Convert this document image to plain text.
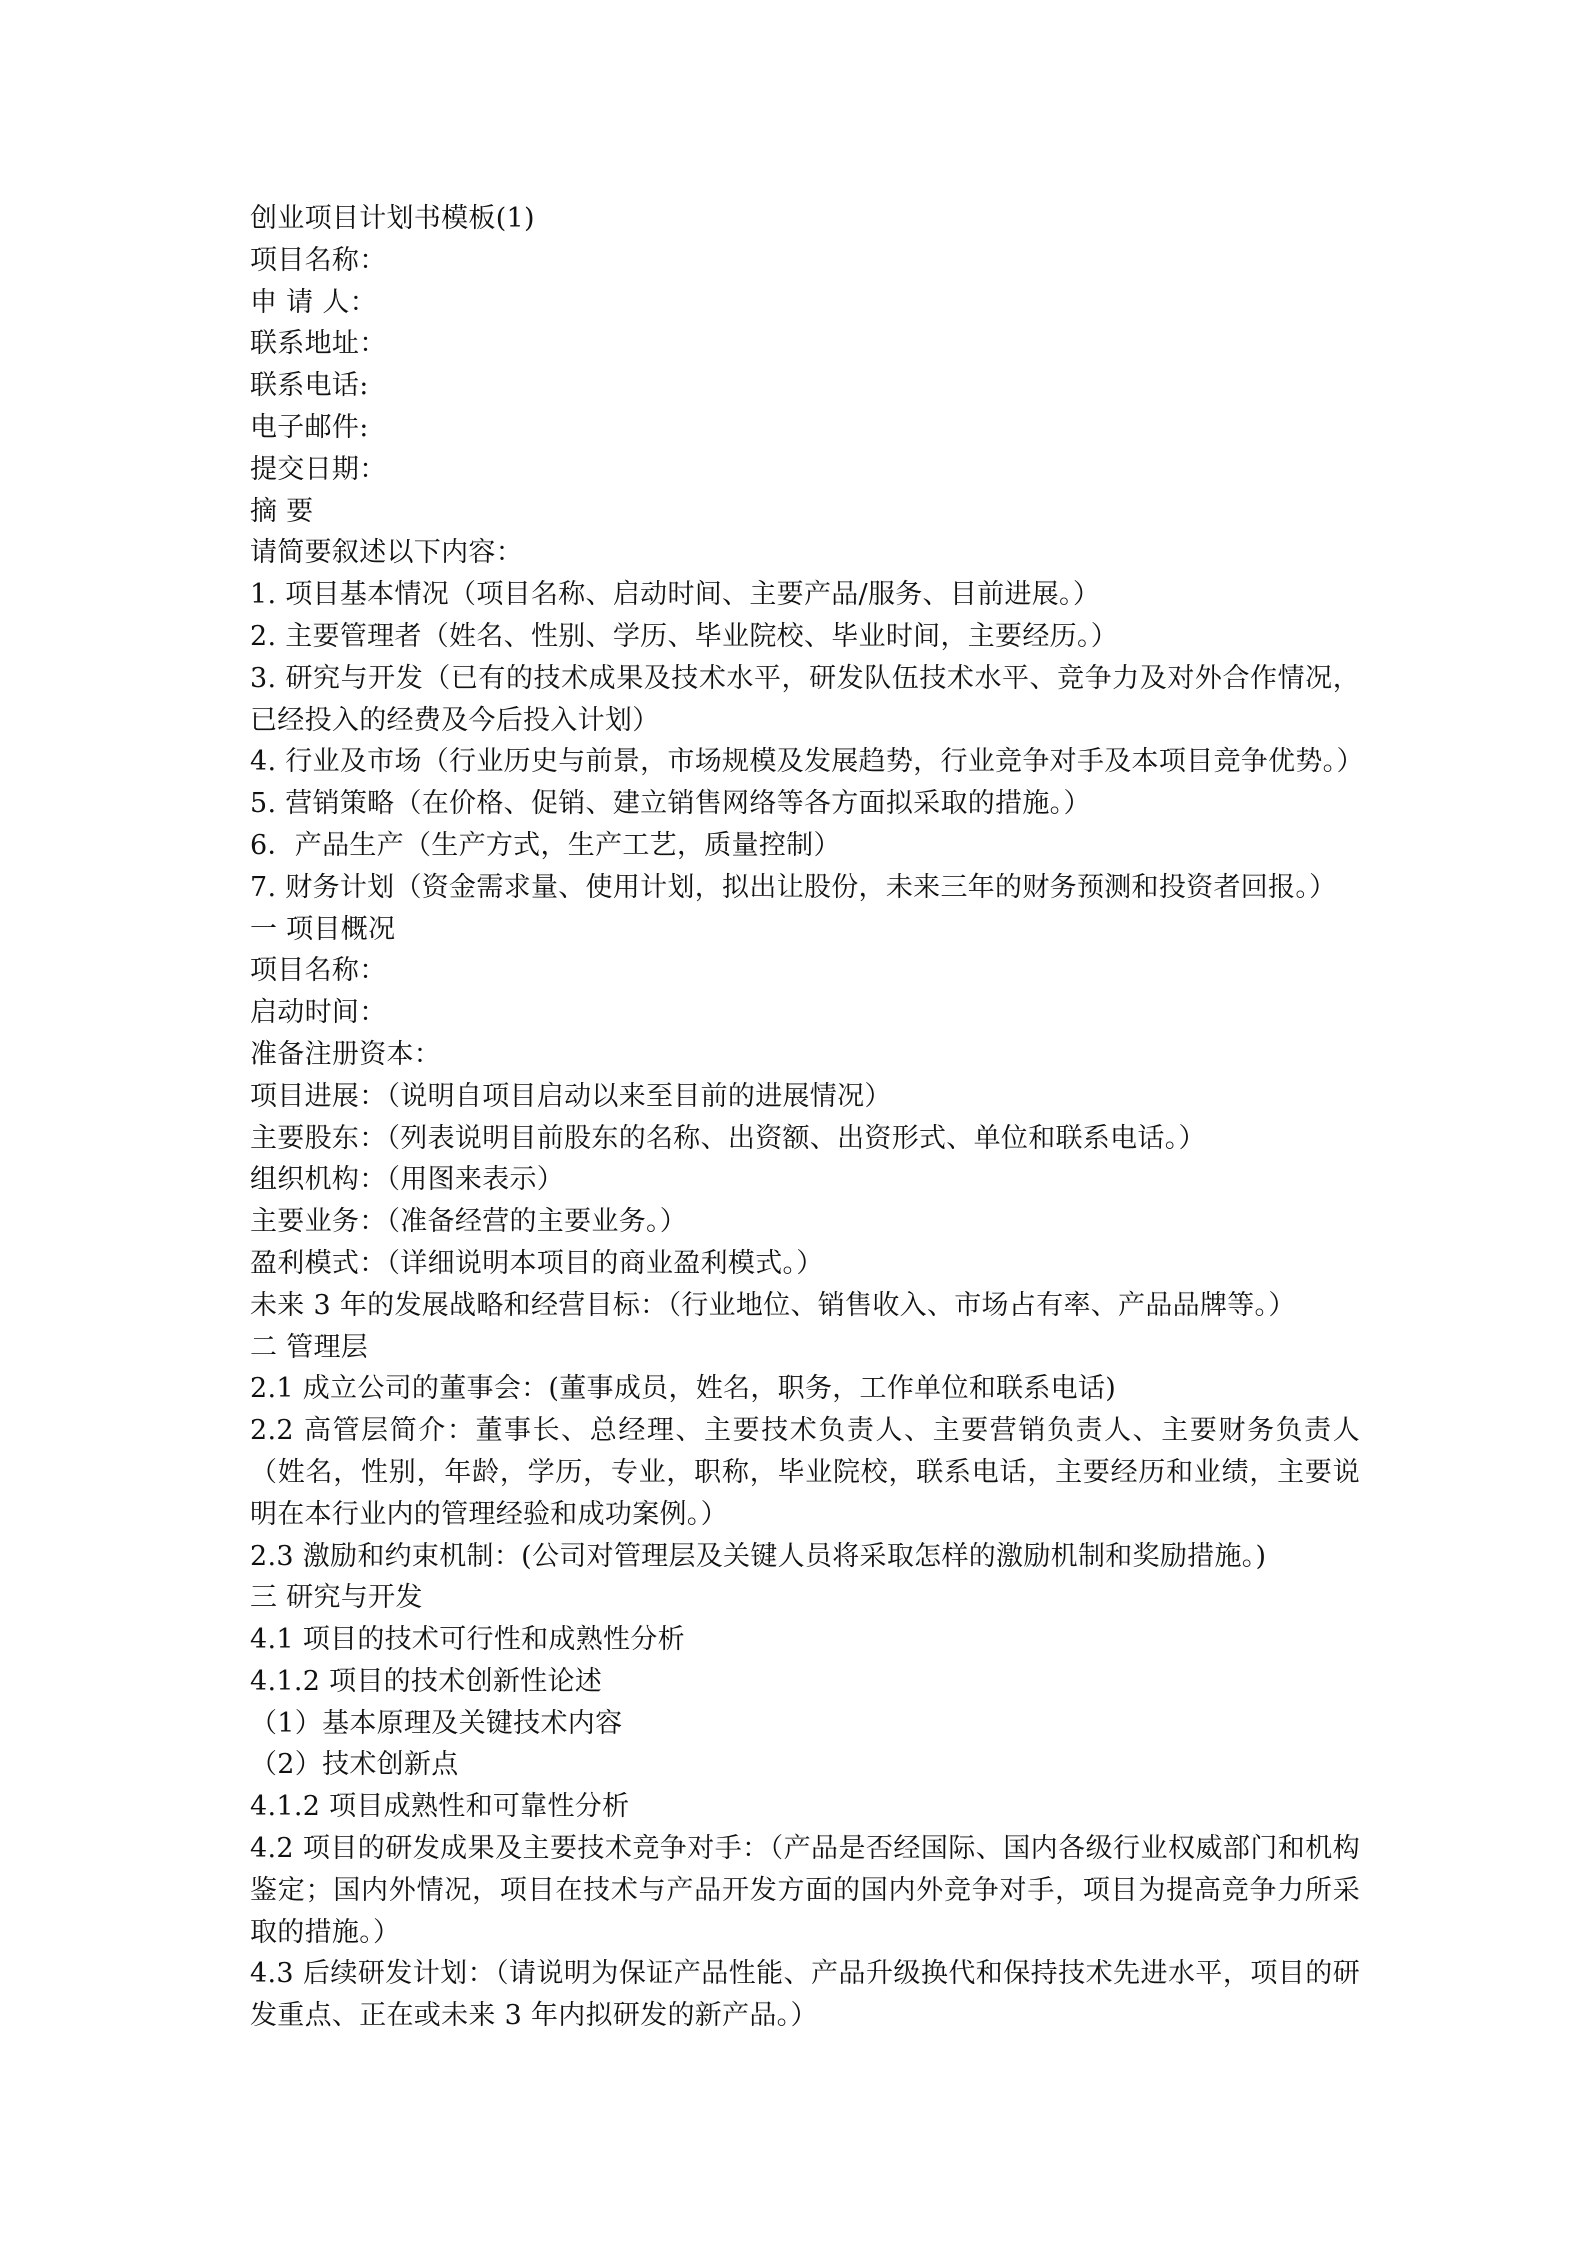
创业项目计划书模板(1)

项目名称：

申 请 人：

联系地址：

联系电话:

电子邮件:

提交日期：

摘 要

请简要叙述以下内容：

1. 项目基本情况（项目名称、启动时间、主要产品/服务、目前进展。）

2. 主要管理者（姓名、性别、学历、毕业院校、毕业时间，主要经历。）

3. 研究与开发（已有的技术成果及技术水平，研发队伍技术水平、竞争力及对外合作情况，已经投入的经费及今后投入计划）

4. 行业及市场（行业历史与前景，市场规模及发展趋势，行业竞争对手及本项目竞争优势。）

5. 营销策略（在价格、促销、建立销售网络等各方面拟采取的措施。）

6．产品生产（生产方式，生产工艺，质量控制）

7. 财务计划（资金需求量、使用计划，拟出让股份，未来三年的财务预测和投资者回报。）

一 项目概况

项目名称：

启动时间：

准备注册资本：

项目进展：（说明自项目启动以来至目前的进展情况）

主要股东：（列表说明目前股东的名称、出资额、出资形式、单位和联系电话。）

组织机构：（用图来表示）

主要业务：（准备经营的主要业务。）

盈利模式：（详细说明本项目的商业盈利模式。）

未来 3 年的发展战略和经营目标：（行业地位、销售收入、市场占有率、产品品牌等。）

二 管理层

2.1 成立公司的董事会：(董事成员，姓名，职务，工作单位和联系电话)

2.2 高管层简介：董事长、总经理、主要技术负责人、主要营销负责人、主要财务负责人（姓名，性别，年龄，学历，专业，职称，毕业院校，联系电话，主要经历和业绩，主要说明在本行业内的管理经验和成功案例。）

2.3 激励和约束机制：(公司对管理层及关键人员将采取怎样的激励机制和奖励措施。)

三 研究与开发

4.1 项目的技术可行性和成熟性分析

4.1.2 项目的技术创新性论述

（1）基本原理及关键技术内容

（2）技术创新点

4.1.2 项目成熟性和可靠性分析

4.2 项目的研发成果及主要技术竞争对手：（产品是否经国际、国内各级行业权威部门和机构鉴定；国内外情况，项目在技术与产品开发方面的国内外竞争对手，项目为提高竞争力所采取的措施。）

4.3 后续研发计划：（请说明为保证产品性能、产品升级换代和保持技术先进水平，项目的研发重点、正在或未来 3 年内拟研发的新产品。）
